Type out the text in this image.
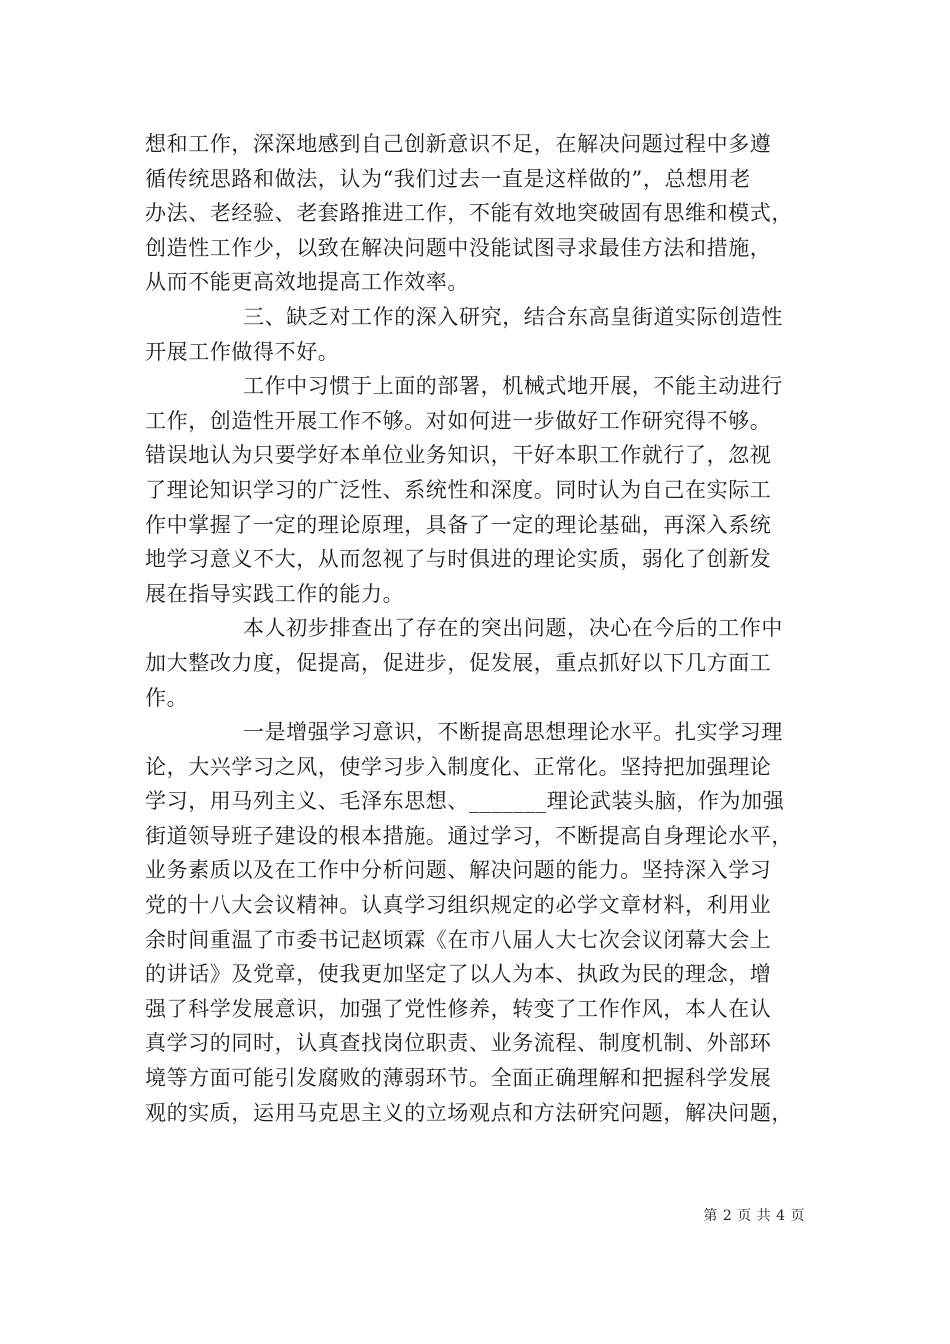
想和工作，深深地感到自己创新意识不足，在解决问题过程中多遵
循传统思路和做法，认为“我们过去一直是这样做的”，总想用老
办法、老经验、老套路推进工作，不能有效地突破固有思维和模式，
创造性工作少，以致在解决问题中没能试图寻求最佳方法和措施，
从而不能更高效地提高工作效率。

三、缺乏对工作的深入研究，结合东高皇街道实际创造性
开展工作做得不好。

工作中习惯于上面的部署，机械式地开展，不能主动进行
工作，创造性开展工作不够。对如何进一步做好工作研究得不够。
错误地认为只要学好本单位业务知识，干好本职工作就行了，忽视
了理论知识学习的广泛性、系统性和深度。同时认为自己在实际工
作中掌握了一定的理论原理，具备了一定的理论基础，再深入系统
地学习意义不大，从而忽视了与时俱进的理论实质，弱化了创新发
展在指导实践工作的能力。

本人初步排查出了存在的突出问题，决心在今后的工作中
加大整改力度，促提高，促进步，促发展，重点抓好以下几方面工
作。

一是增强学习意识，不断提高思想理论水平。扎实学习理
论，大兴学习之风，使学习步入制度化、正常化。坚持把加强理论
学习，用马列主义、毛泽东思想、_______理论武装头脑，作为加强
街道领导班子建设的根本措施。通过学习，不断提高自身理论水平，
业务素质以及在工作中分析问题、解决问题的能力。坚持深入学习
党的十八大会议精神。认真学习组织规定的必学文章材料，利用业
余时间重温了市委书记赵顷霖《在市八届人大七次会议闭幕大会上
的讲话》及党章，使我更加坚定了以人为本、执政为民的理念，增
强了科学发展意识，加强了党性修养，转变了工作作风，本人在认
真学习的同时，认真查找岗位职责、业务流程、制度机制、外部环
境等方面可能引发腐败的薄弱环节。全面正确理解和把握科学发展
观的实质，运用马克思主义的立场观点和方法研究问题，解决问题，

第 2 页 共 4 页
